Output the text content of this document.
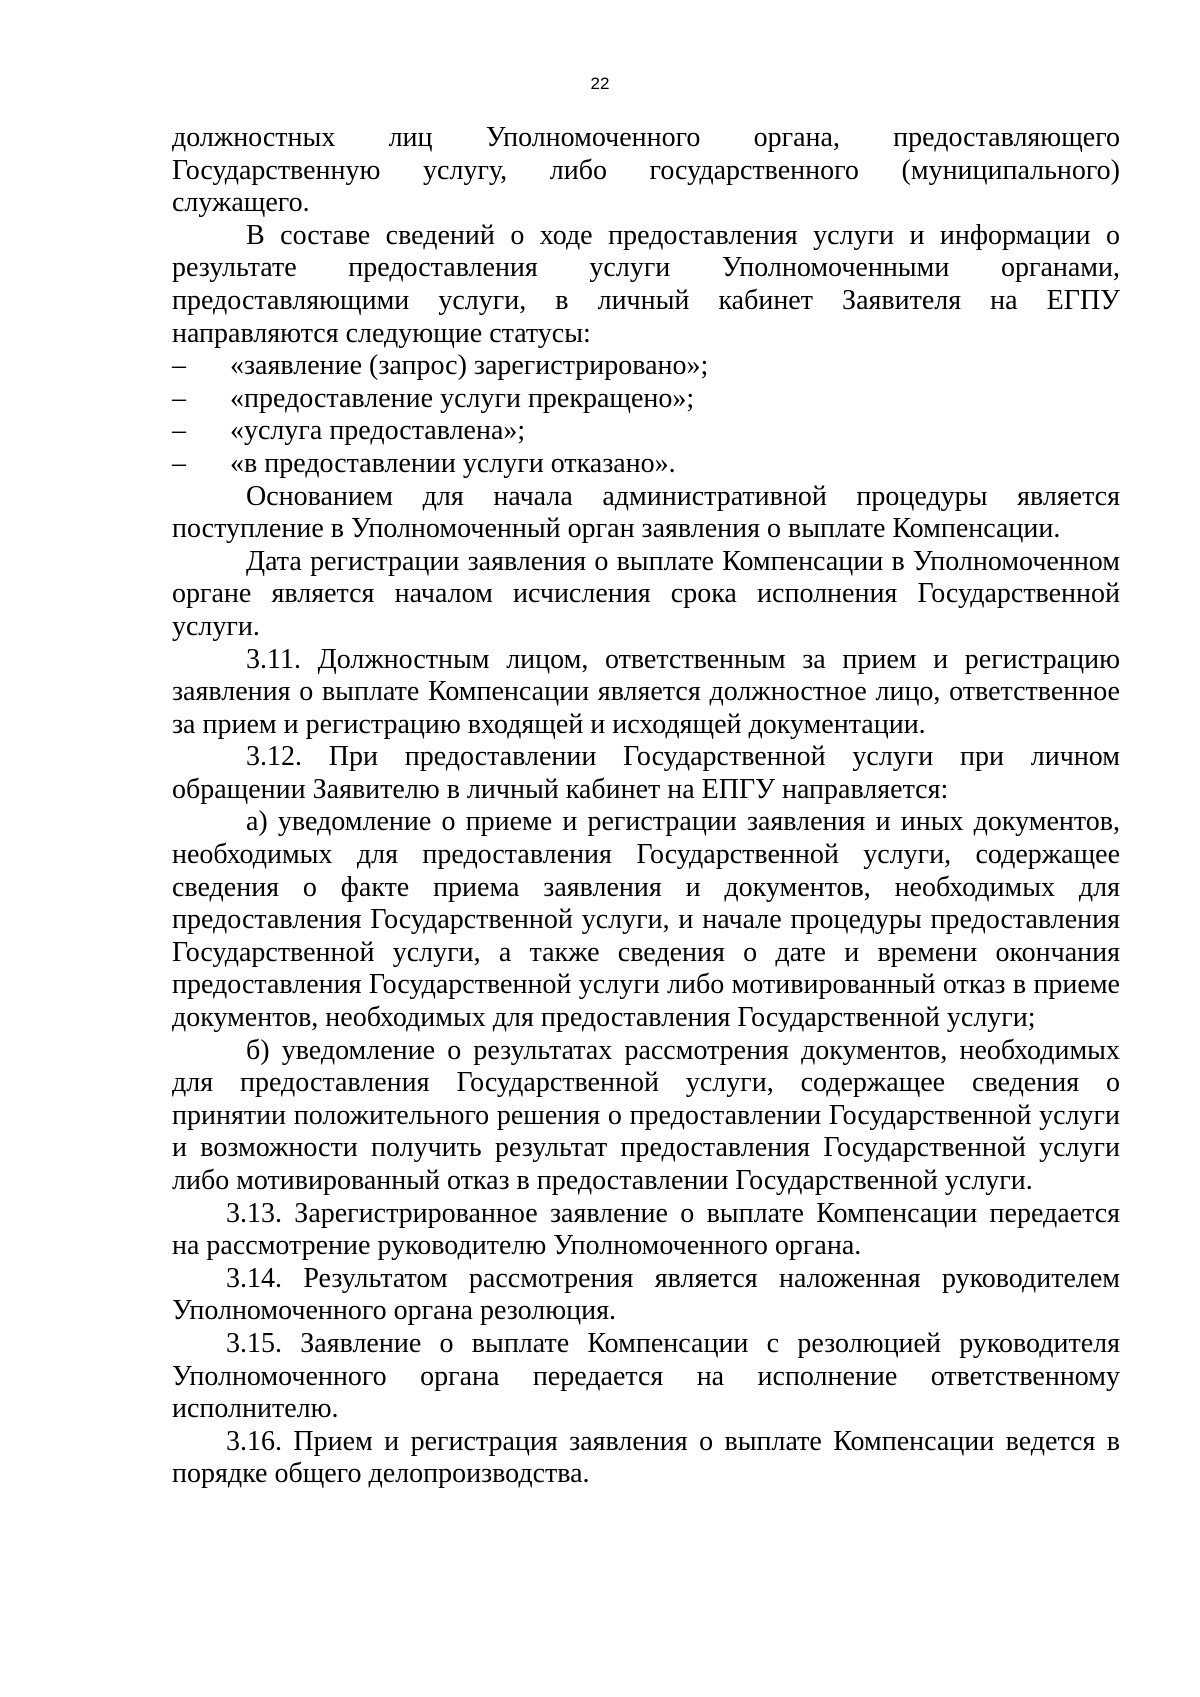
22

должностных лиц Уполномоченного органа, предоставляющего Государственную услугу, либо государственного (муниципального) служащего.

В составе сведений о ходе предоставления услуги и информации о результате предоставления услуги Уполномоченными органами, предоставляющими услуги, в личный кабинет Заявителя на ЕГПУ направляются следующие статусы:

–	«заявление (запрос) зарегистрировано»;
–	«предоставление услуги прекращено»;
–	«услуга предоставлена»;
–	«в предоставлении услуги отказано».

Основанием для начала административной процедуры является поступление в Уполномоченный орган заявления о выплате Компенсации.

Дата регистрации заявления о выплате Компенсации в Уполномоченном органе является началом исчисления срока исполнения Государственной услуги.

3.11. Должностным лицом, ответственным за прием и регистрацию заявления о выплате Компенсации является должностное лицо, ответственное за прием и регистрацию входящей и исходящей документации.

3.12. При предоставлении Государственной услуги при личном обращении Заявителю в личный кабинет на ЕПГУ направляется:

а) уведомление о приеме и регистрации заявления и иных документов, необходимых для предоставления Государственной услуги, содержащее сведения о факте приема заявления и документов, необходимых для предоставления Государственной услуги, и начале процедуры предоставления Государственной услуги, а также сведения о дате и времени окончания предоставления Государственной услуги либо мотивированный отказ в приеме документов, необходимых для предоставления Государственной услуги;

б) уведомление о результатах рассмотрения документов, необходимых для предоставления Государственной услуги, содержащее сведения о принятии положительного решения о предоставлении Государственной услуги и возможности получить результат предоставления Государственной услуги либо мотивированный отказ в предоставлении Государственной услуги.

3.13. Зарегистрированное заявление о выплате Компенсации передается на рассмотрение руководителю Уполномоченного органа.

3.14. Результатом рассмотрения является наложенная руководителем Уполномоченного органа резолюция.

3.15. Заявление о выплате Компенсации с резолюцией руководителя Уполномоченного органа передается на исполнение ответственному исполнителю.

3.16. Прием и регистрация заявления о выплате Компенсации ведется в порядке общего делопроизводства.
